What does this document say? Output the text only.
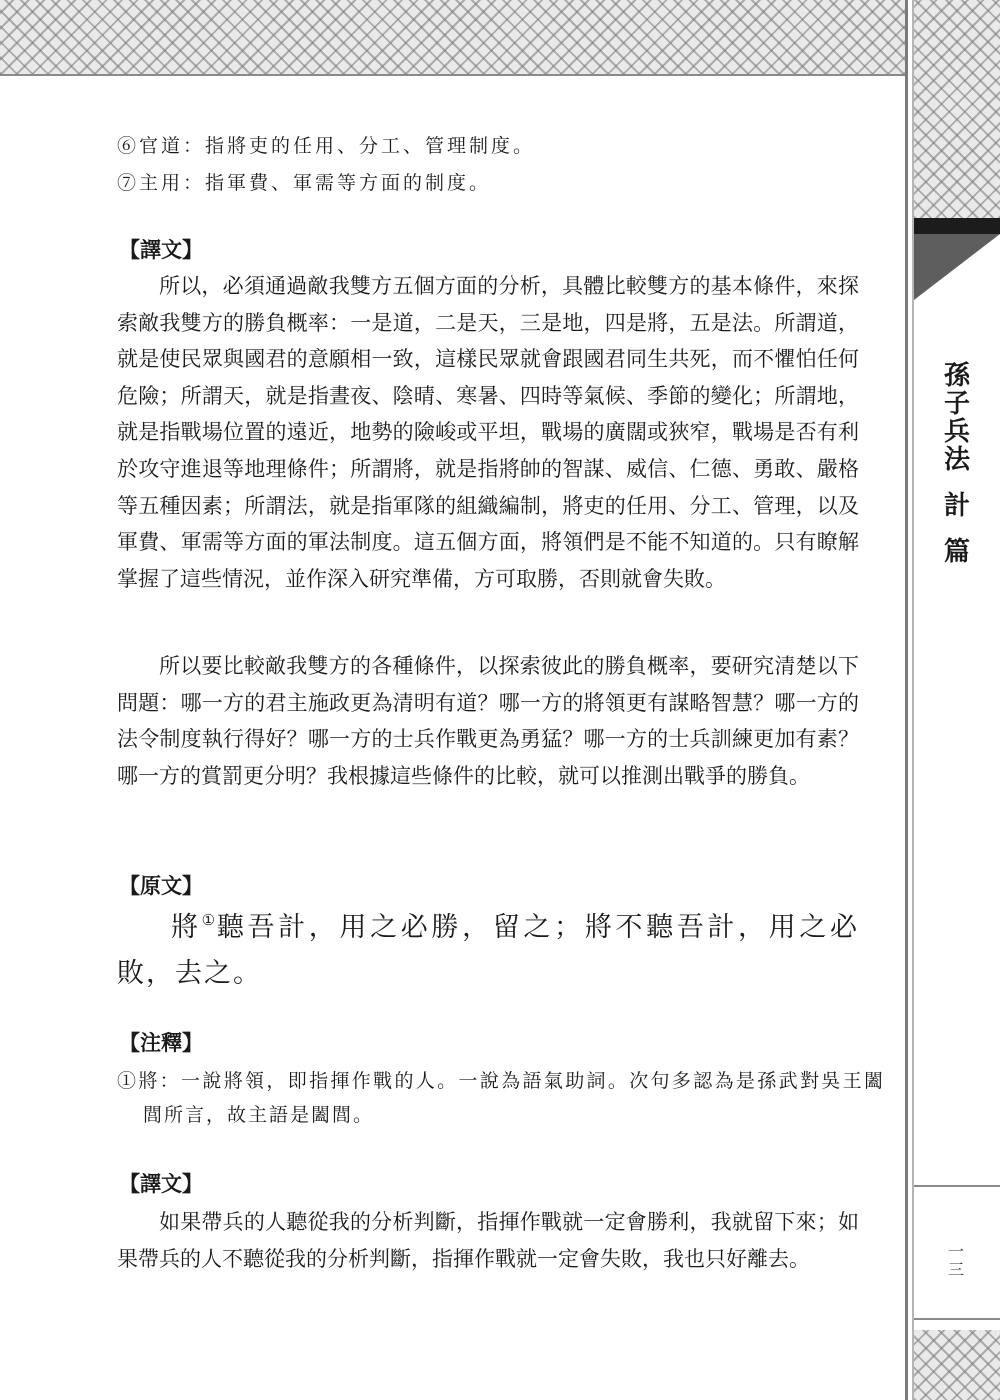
孫
子
兵
法
計
篇
一
三
⑥官道：指將吏的任用、分工、管理制度。
⑦主用：指軍費、軍需等方面的制度。
【譯文】

所以，必須通過敵我雙方五個方面的分析，具體比較雙方的基本條件，來探索敵我雙方的勝負概率：一是道，二是天，三是地，四是將，五是法。所謂道，就是使民眾與國君的意願相一致，這樣民眾就會跟國君同生共死，而不懼怕任何危險；所謂天，就是指晝夜、陰晴、寒暑、四時等氣候、季節的變化；所謂地，就是指戰場位置的遠近，地勢的險峻或平坦，戰場的廣闊或狹窄，戰場是否有利於攻守進退等地理條件；所謂將，就是指將帥的智謀、威信、仁德、勇敢、嚴格等五種因素；所謂法，就是指軍隊的組織編制，將吏的任用、分工、管理，以及軍費、軍需等方面的軍法制度。這五個方面，將領們是不能不知道的。只有瞭解掌握了這些情況，並作深入研究準備，方可取勝，否則就會失敗。

所以要比較敵我雙方的各種條件，以探索彼此的勝負概率，要研究清楚以下問題：哪一方的君主施政更為清明有道？哪一方的將領更有謀略智慧？哪一方的法令制度執行得好？哪一方的士兵作戰更為勇猛？哪一方的士兵訓練更加有素？哪一方的賞罰更分明？我根據這些條件的比較，就可以推測出戰爭的勝負。

【原文】

將①聽吾計，用之必勝，留之；將不聽吾計，用之必敗，去之。

【注釋】

①將：一說將領，即指揮作戰的人。一說為語氣助詞。次句多認為是孫武對吳王闔閭所言，故主語是闔閭。

【譯文】

如果帶兵的人聽從我的分析判斷，指揮作戰就一定會勝利，我就留下來；如果帶兵的人不聽從我的分析判斷，指揮作戰就一定會失敗，我也只好離去。
